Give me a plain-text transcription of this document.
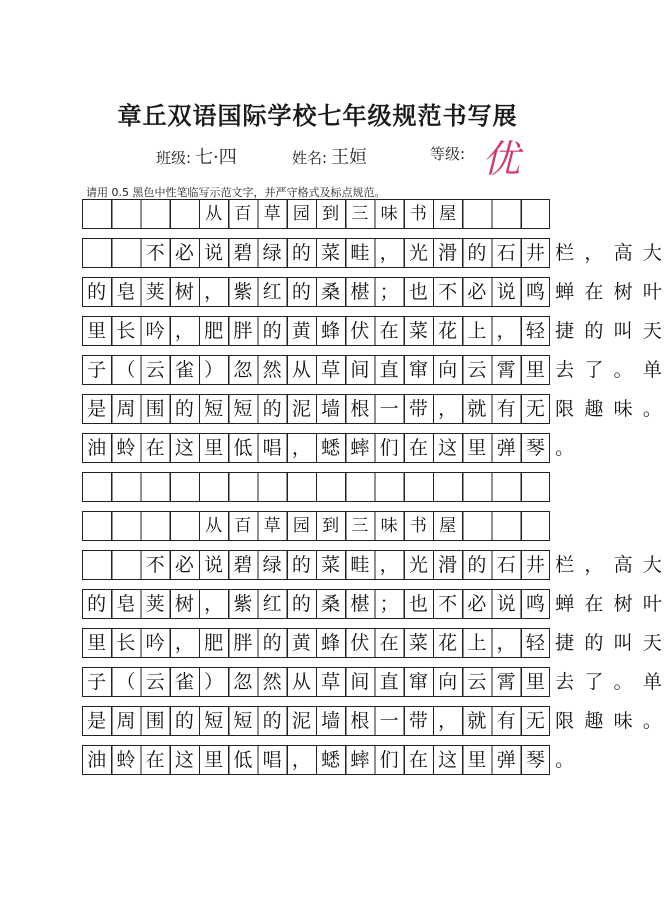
章丘双语国际学校七年级规范书写展
班级: 七·四	姓名: 王姮	等级: 优
请用 0.5 黑色中性笔临写示范文字，并严守格式及标点规范。
从 百 草 园 到 三 味 书 屋
不 必 说 碧 绿 的 菜 畦 ， 光 滑 的 石 井 栏 ， 高 大
的 皂 荚 树 ， 紫 红 的 桑 椹 ； 也 不 必 说 鸣 蝉 在 树 叶
里 长 吟 ， 肥 胖 的 黄 蜂 伏 在 菜 花 上 ， 轻 捷 的 叫 天
子 （ 云 雀 ） 忽 然 从 草 间 直 窜 向 云 霄 里 去 了 。 单
是 周 围 的 短 短 的 泥 墙 根 一 带 ， 就 有 无 限 趣 味 。
油 蛉 在 这 里 低 唱 ， 蟋 蟀 们 在 这 里 弹 琴 。
从 百 草 园 到 三 味 书 屋
不 必 说 碧 绿 的 菜 畦 ， 光 滑 的 石 井 栏 ， 高 大
的 皂 荚 树 ， 紫 红 的 桑 椹 ； 也 不 必 说 鸣 蝉 在 树 叶
里 长 吟 ， 肥 胖 的 黄 蜂 伏 在 菜 花 上 ， 轻 捷 的 叫 天
子 （ 云 雀 ） 忽 然 从 草 间 直 窜 向 云 霄 里 去 了 。 单
是 周 围 的 短 短 的 泥 墙 根 一 带 ， 就 有 无 限 趣 味 。
油 蛉 在 这 里 低 唱 ， 蟋 蟀 们 在 这 里 弹 琴 。
